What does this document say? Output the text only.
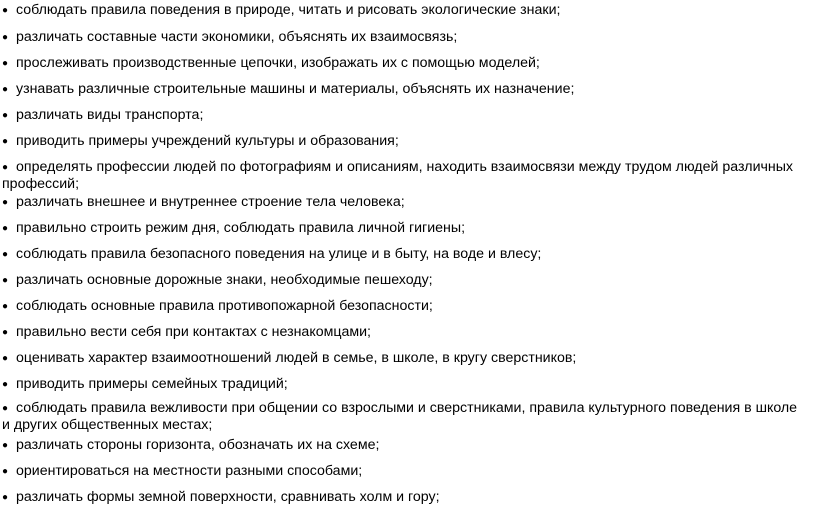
● соблюдать правила поведения в природе, читать и рисовать экологические знаки;
● различать составные части экономики, объяснять их взаимосвязь;
● прослеживать производственные цепочки, изображать их с помощью моделей;
● узнавать различные строительные машины и материалы, объяснять их назначение;
● различать виды транспорта;
● приводить примеры учреждений культуры и образования;
● определять профессии людей по фотографиям и описаниям, находить взаимосвязи между трудом людей различных профессий;
● различать внешнее и внутреннее строение тела человека;
● правильно строить режим дня, соблюдать правила личной гигиены;
● соблюдать правила безопасного поведения на улице и в быту, на воде и влесу;
● различать основные дорожные знаки, необходимые пешеходу;
● соблюдать основные правила противопожарной безопасности;
● правильно вести себя при контактах с незнакомцами;
● оценивать характер взаимоотношений людей в семье, в школе, в кругу сверстников;
● приводить примеры семейных традиций;
● соблюдать правила вежливости при общении со взрослыми и сверстниками, правила культурного поведения в школе и других общественных местах;
● различать стороны горизонта, обозначать их на схеме;
● ориентироваться на местности разными способами;
● различать формы земной поверхности, сравнивать холм и гору;
